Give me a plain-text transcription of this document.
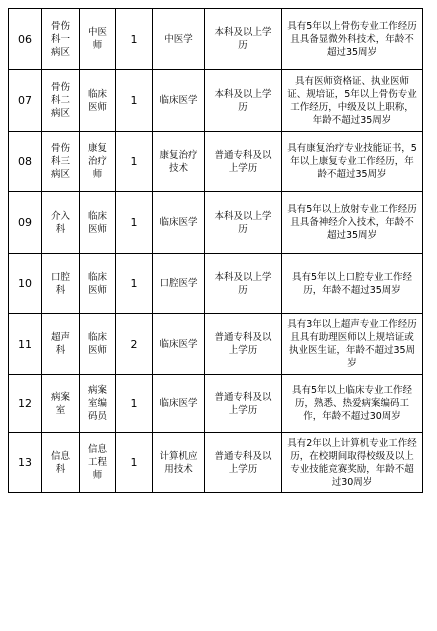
06	骨伤科一病区	中医师	1	中医学	本科及以上学历	具有5年以上骨伤专业工作经历且具备显微外科技术，年龄不超过35周岁
07	骨伤科二病区	临床医师	1	临床医学	本科及以上学历	具有医师资格证、执业医师证、规培证，5年以上骨伤专业工作经历，中级及以上职称，年龄不超过35周岁
08	骨伤科三病区	康复治疗师	1	康复治疗技术	普通专科及以上学历	具有康复治疗专业技能证书，5年以上康复专业工作经历，年龄不超过35周岁
09	介入科	临床医师	1	临床医学	本科及以上学历	具有5年以上放射专业工作经历且具备神经介入技术，年龄不超过35周岁
10	口腔科	临床医师	1	口腔医学	本科及以上学历	具有5年以上口腔专业工作经历，年龄不超过35周岁
11	超声科	临床医师	2	临床医学	普通专科及以上学历	具有3年以上超声专业工作经历且具有助理医师以上规培证或执业医生证，年龄不超过35周岁
12	病案室	病案室编码员	1	临床医学	普通专科及以上学历	具有5年以上临床专业工作经历，熟悉、热爱病案编码工作，年龄不超过30周岁
13	信息科	信息工程师	1	计算机应用技术	普通专科及以上学历	具有2年以上计算机专业工作经历，在校期间取得校级及以上专业技能竞赛奖励，年龄不超过30周岁
